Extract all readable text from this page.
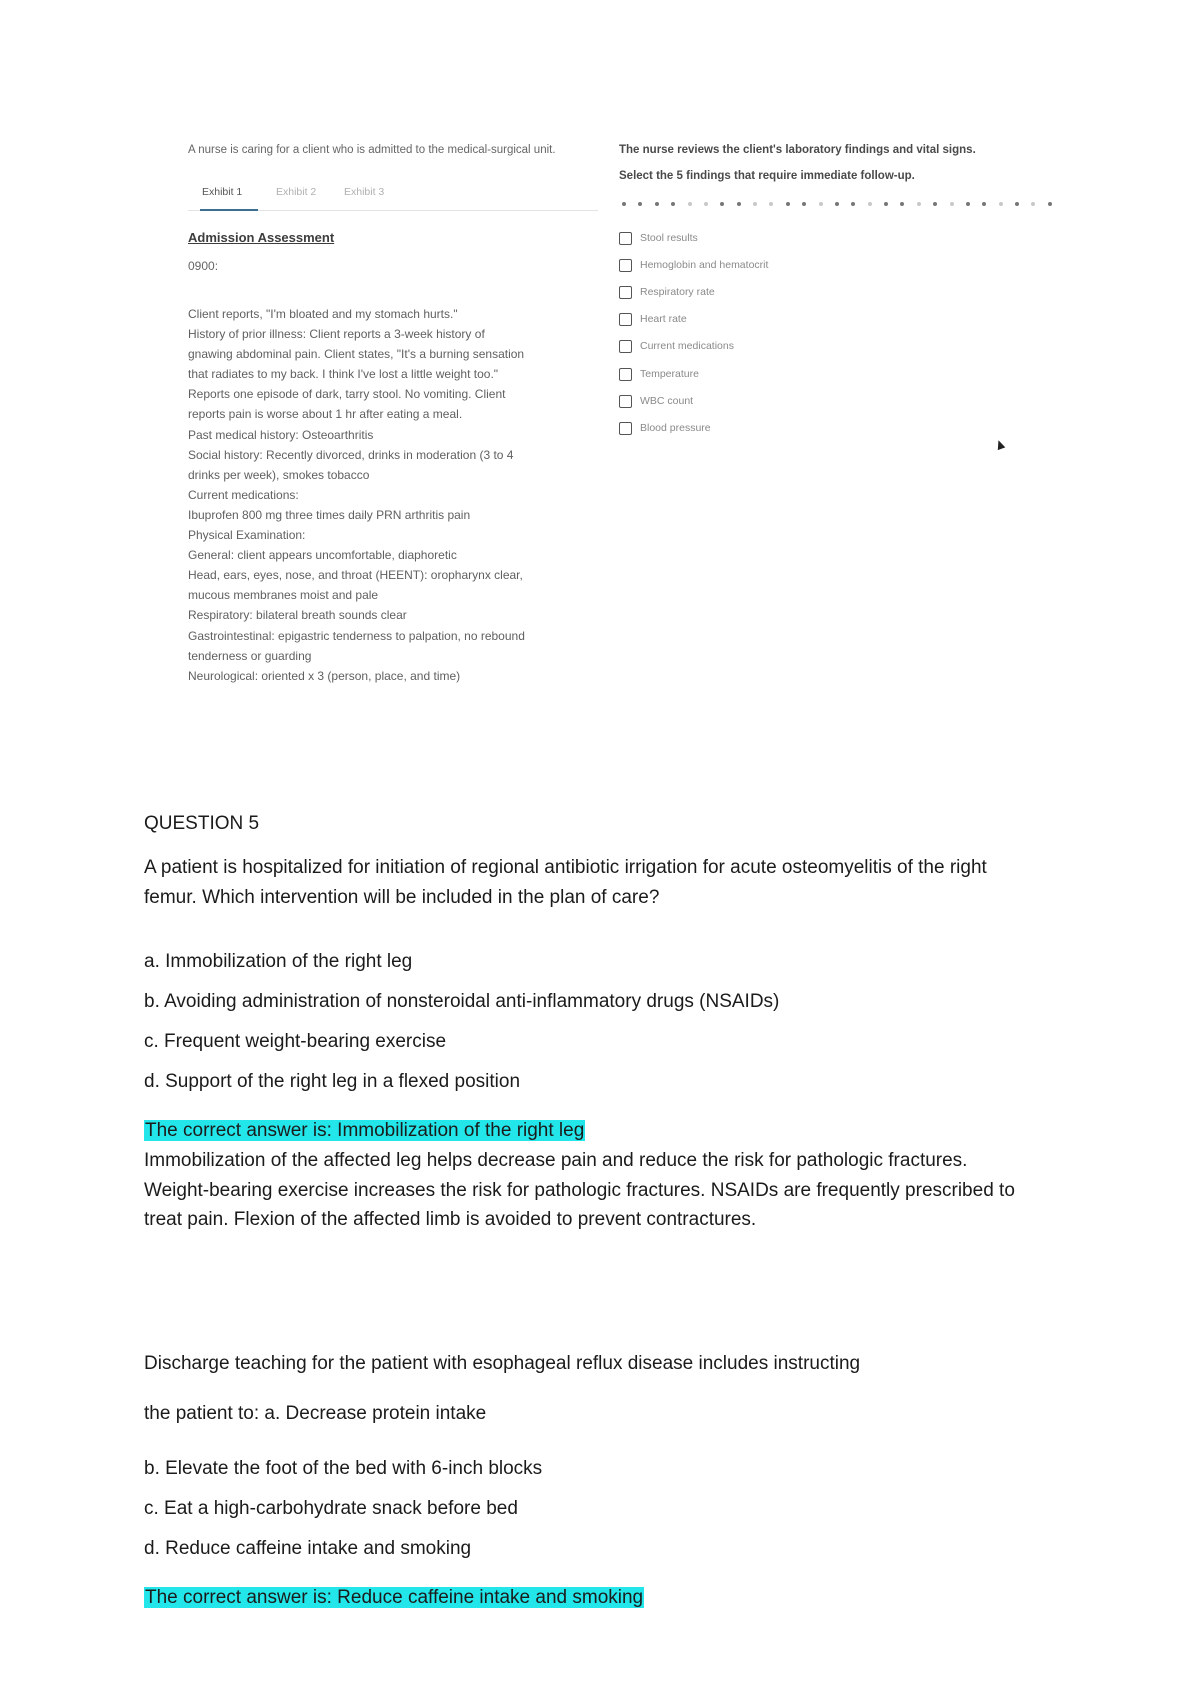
A nurse is caring for a client who is admitted to the medical-surgical unit.
Exhibit 1	Exhibit 2	Exhibit 3
Admission Assessment
0900:
Client reports, "I'm bloated and my stomach hurts."
History of prior illness: Client reports a 3-week history of
gnawing abdominal pain. Client states, "It's a burning sensation
that radiates to my back. I think I've lost a little weight too."
Reports one episode of dark, tarry stool. No vomiting. Client
reports pain is worse about 1 hr after eating a meal.
Past medical history: Osteoarthritis
Social history: Recently divorced, drinks in moderation (3 to 4
drinks per week), smokes tobacco
Current medications:
Ibuprofen 800 mg three times daily PRN arthritis pain
Physical Examination:
General: client appears uncomfortable, diaphoretic
Head, ears, eyes, nose, and throat (HEENT): oropharynx clear,
mucous membranes moist and pale
Respiratory: bilateral breath sounds clear
Gastrointestinal: epigastric tenderness to palpation, no rebound
tenderness or guarding
Neurological: oriented x 3 (person, place, and time)
The nurse reviews the client's laboratory findings and vital signs.
Select the 5 findings that require immediate follow-up.
Stool results
Hemoglobin and hematocrit
Respiratory rate
Heart rate
Current medications
Temperature
WBC count
Blood pressure
QUESTION 5
A patient is hospitalized for initiation of regional antibiotic irrigation for acute osteomyelitis of the right
femur. Which intervention will be included in the plan of care?
a. Immobilization of the right leg
b. Avoiding administration of nonsteroidal anti-inflammatory drugs (NSAIDs)
c. Frequent weight-bearing exercise
d. Support of the right leg in a flexed position
The correct answer is: Immobilization of the right leg
Immobilization of the affected leg helps decrease pain and reduce the risk for pathologic fractures.
Weight-bearing exercise increases the risk for pathologic fractures. NSAIDs are frequently prescribed to
treat pain. Flexion of the affected limb is avoided to prevent contractures.
Discharge teaching for the patient with esophageal reflux disease includes instructing
the patient to: a. Decrease protein intake
b. Elevate the foot of the bed with 6-inch blocks
c. Eat a high-carbohydrate snack before bed
d. Reduce caffeine intake and smoking
The correct answer is: Reduce caffeine intake and smoking
